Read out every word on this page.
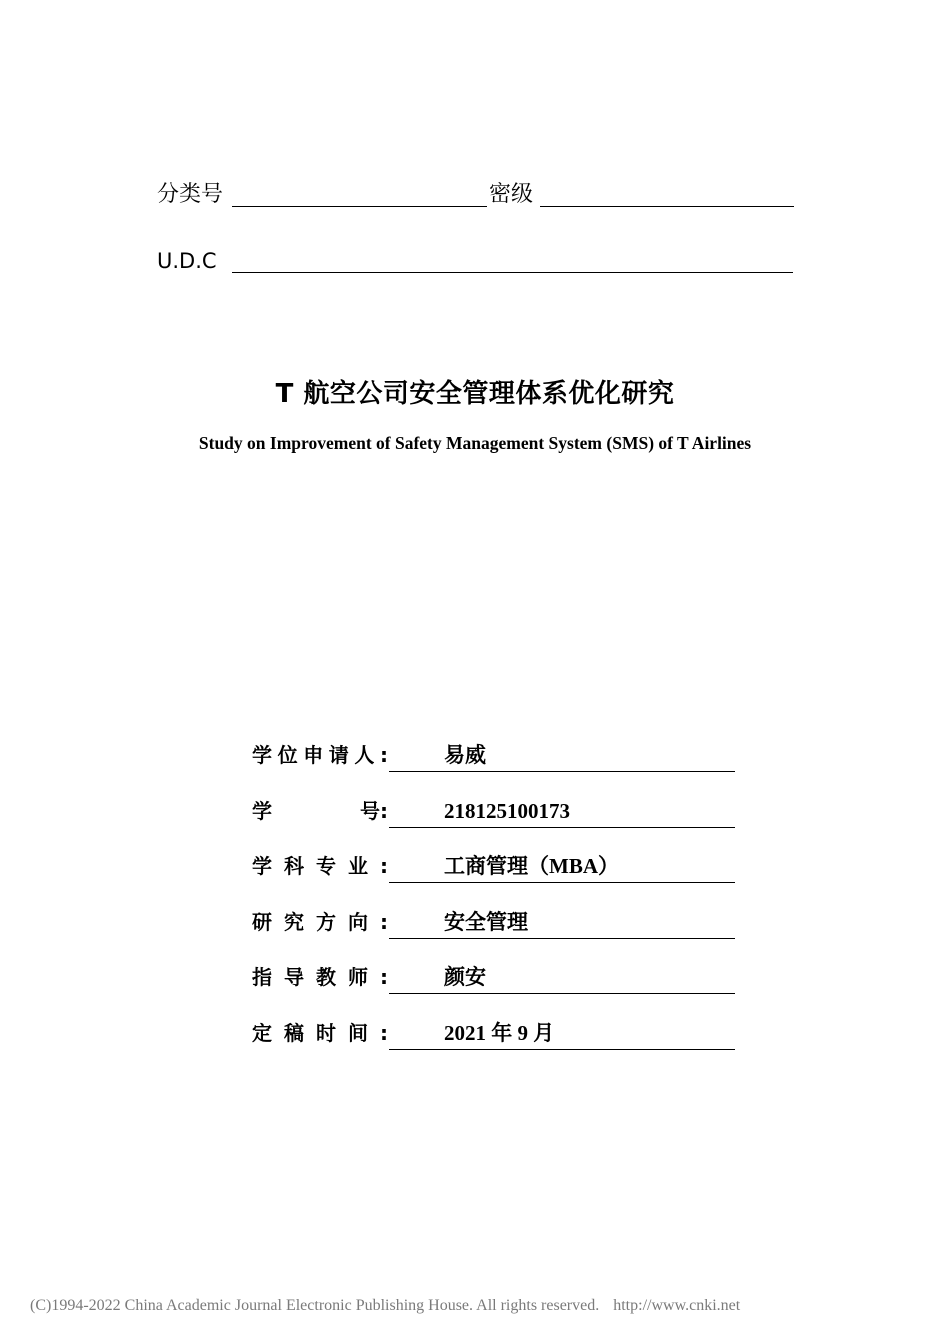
分类号	密级
U.D.C
T 航空公司安全管理体系优化研究
Study on Improvement of Safety Management System (SMS) of T Airlines
学 位 申 请 人 :	易威
学	号 :	218125100173
学 科 专 业 :	工商管理（MBA）
研 究 方 向 :	安全管理
指 导 教 师 :	颜安
定 稿 时 间 :	2021 年 9 月
(C)1994-2022 China Academic Journal Electronic Publishing House. All rights reserved. http://www.cnki.net
